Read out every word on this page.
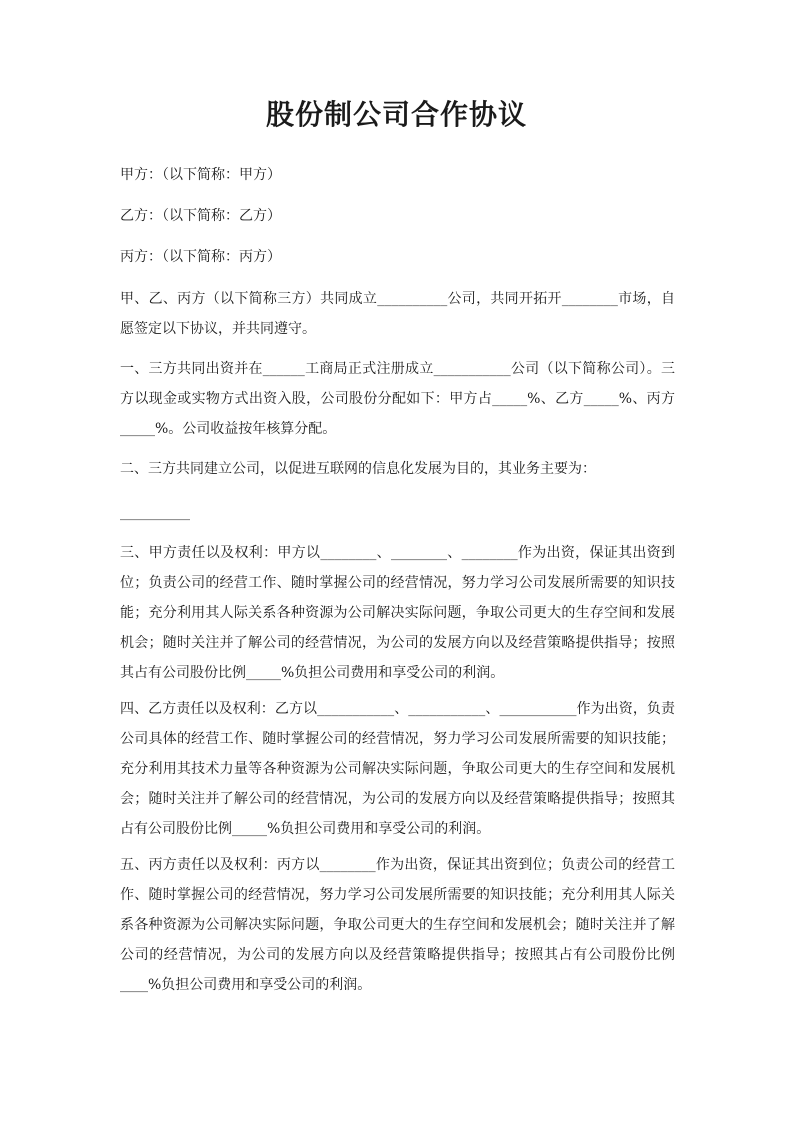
股份制公司合作协议

甲方：（以下简称：甲方）

乙方：（以下简称：乙方）

丙方：（以下简称：丙方）

甲、乙、丙方（以下简称三方）共同成立__________公司，共同开拓开________市场，自愿签定以下协议，并共同遵守。

一、三方共同出资并在______工商局正式注册成立___________公司（以下简称公司）。三方以现金或实物方式出资入股，公司股份分配如下：甲方占_____%、乙方_____%、丙方_____%。公司收益按年核算分配。

二、三方共同建立公司，以促进互联网的信息化发展为目的，其业务主要为：

__________

三、甲方责任以及权利：甲方以________、________、________作为出资，保证其出资到位；负责公司的经营工作、随时掌握公司的经营情况，努力学习公司发展所需要的知识技能；充分利用其人际关系各种资源为公司解决实际问题，争取公司更大的生存空间和发展机会；随时关注并了解公司的经营情况，为公司的发展方向以及经营策略提供指导；按照其占有公司股份比例_____%负担公司费用和享受公司的利润。

四、乙方责任以及权利：乙方以___________、___________、___________作为出资，负责公司具体的经营工作、随时掌握公司的经营情况，努力学习公司发展所需要的知识技能；充分利用其技术力量等各种资源为公司解决实际问题，争取公司更大的生存空间和发展机会；随时关注并了解公司的经营情况，为公司的发展方向以及经营策略提供指导；按照其占有公司股份比例_____%负担公司费用和享受公司的利润。

五、丙方责任以及权利：丙方以________作为出资，保证其出资到位；负责公司的经营工作、随时掌握公司的经营情况，努力学习公司发展所需要的知识技能；充分利用其人际关系各种资源为公司解决实际问题，争取公司更大的生存空间和发展机会；随时关注并了解公司的经营情况，为公司的发展方向以及经营策略提供指导；按照其占有公司股份比例____%负担公司费用和享受公司的利润。
